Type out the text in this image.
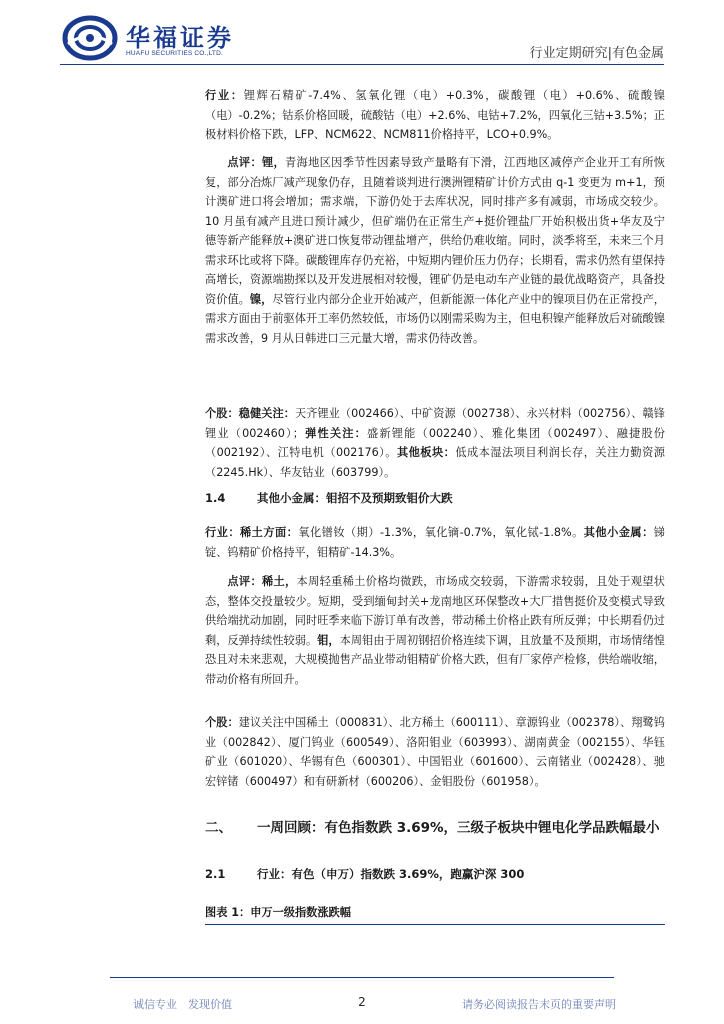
华福证券
HUAFU SECURITIES CO.,LTD.	行业定期研究|有色金属

行业：锂辉石精矿-7.4%、氢氧化锂（电）+0.3%，碳酸锂（电）+0.6%、硫酸镍（电）-0.2%；钴系价格回暖，硫酸钴（电）+2.6%、电钴+7.2%，四氧化三钴+3.5%；正极材料价格下跌，LFP、NCM622、NCM811价格持平，LCO+0.9%。

点评：锂，青海地区因季节性因素导致产量略有下滑，江西地区减停产企业开工有所恢复，部分冶炼厂减产现象仍存，且随着谈判进行澳洲锂精矿计价方式由 q-1 变更为 m+1，预计澳矿进口将会增加；需求端，下游仍处于去库状况，同时排产多有减弱，市场成交较少。10 月虽有减产且进口预计减少，但矿端仍在正常生产+挺价锂盐厂开始积极出货+华友及宁德等新产能释放+澳矿进口恢复带动锂盐增产，供给仍难收缩。同时，淡季将至，未来三个月需求环比或将下降。碳酸锂库存仍充裕，中短期内锂价压力仍存；长期看，需求仍然有望保持高增长，资源端勘探以及开发进展相对较慢，锂矿仍是电动车产业链的最优战略资产，具备投资价值。镍，尽管行业内部分企业开始减产，但新能源一体化产业中的镍项目仍在正常投产，需求方面由于前驱体开工率仍然较低，市场仍以刚需采购为主，但电积镍产能释放后对硫酸镍需求改善，9 月从日韩进口三元量大增，需求仍待改善。

个股：稳健关注：天齐锂业（002466）、中矿资源（002738）、永兴材料（002756）、赣锋锂业（002460）；弹性关注：盛新锂能（002240）、雅化集团（002497）、融捷股份（002192）、江特电机（002176）。其他板块：低成本湿法项目利润长存，关注力勤资源（2245.Hk）、华友钴业（603799）。

1.4	其他小金属：钼招不及预期致钼价大跌

行业：稀土方面：氧化镨钕（期）-1.3%，氧化镝-0.7%，氧化铽-1.8%。其他小金属：锑锭、钨精矿价格持平，钼精矿-14.3%。

点评：稀土，本周轻重稀土价格均微跌，市场成交较弱，下游需求较弱，且处于观望状态，整体交投量较少。短期，受到缅甸封关+龙南地区环保整改+大厂措售挺价及变模式导致供给端扰动加剧，同时旺季来临下游订单有改善，带动稀土价格止跌有所反弹；中长期看仍过剩，反弹持续性较弱。钼，本周钼由于周初钢招价格连续下调，且放量不及预期，市场情绪惶恐且对未来悲观，大规模抛售产品业带动钼精矿价格大跌，但有厂家停产检修，供给端收缩，带动价格有所回升。

个股：建议关注中国稀土（000831）、北方稀土（600111）、章源钨业（002378）、翔鹭钨业（002842）、厦门钨业（600549）、洛阳钼业（603993）、湖南黄金（002155）、华钰矿业（601020）、华锡有色（600301）、中国铝业（601600）、云南锗业（002428）、驰宏锌锗（600497）和有研新材（600206）、金钼股份（601958）。

二、 一周回顾：有色指数跌 3.69%，三级子板块中锂电化学品跌幅最小
2.1	行业：有色（申万）指数跌 3.69%，跑赢沪深 300
图表 1：申万一级指数涨跌幅
诚信专业　发现价值	2	请务必阅读报告末页的重要声明
